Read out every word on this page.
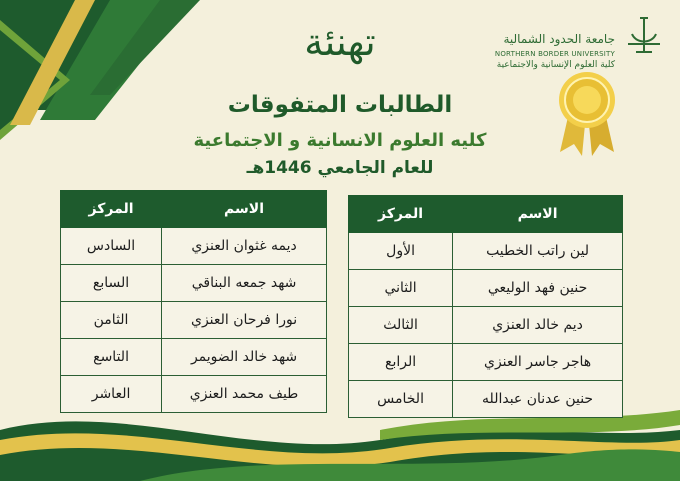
جامعة الحدود الشمالية
NORTHERN BORDER UNIVERSITY
كلية العلوم الإنسانية والاجتماعية
تهنئة
الطالبات المتفوقات
كليه العلوم الانسانية و الاجتماعية
للعام الجامعي 1446هـ
الاسم	المركز
لين راتب الخطيب	الأول
حنين فهد الوليعي	الثاني
ديم خالد العنزي	الثالث
هاجر جاسر العنزي	الرابع
حنين عدنان عبدالله	الخامس
الاسم	المركز
ديمه غثوان العنزي	السادس
شهد جمعه البناقي	السابع
نورا فرحان العنزي	الثامن
شهد خالد الضويمر	التاسع
طيف محمد العنزي	العاشر
